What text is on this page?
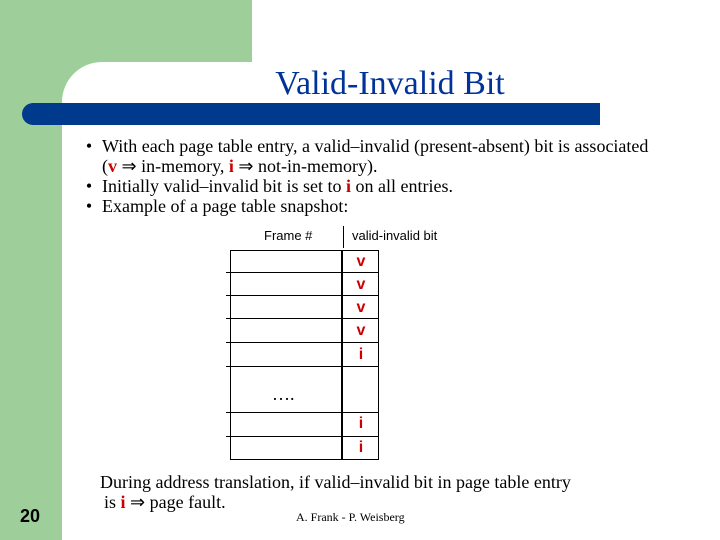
Valid-Invalid Bit
• With each page table entry, a valid–invalid (present-absent) bit is associated
(v ⇒ in-memory, i ⇒ not-in-memory).
• Initially valid–invalid bit is set to i on all entries.
• Example of a page table snapshot:
Frame #	valid-invalid bit
v
v
v
v
i
….
i
i
During address translation, if valid–invalid bit in page table entry
is i ⇒ page fault.
20	A. Frank - P. Weisberg
